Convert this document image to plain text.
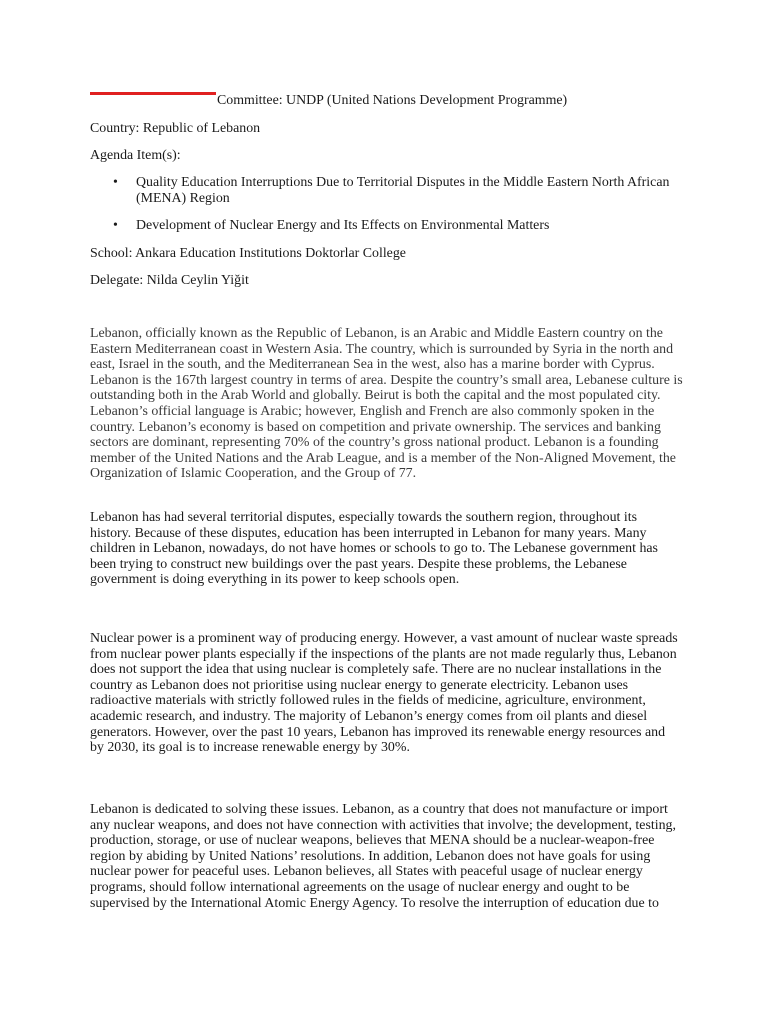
Committee: UNDP (United Nations Development Programme)
Country: Republic of Lebanon
Agenda Item(s):
• Quality Education Interruptions Due to Territorial Disputes in the Middle Eastern North African (MENA) Region
• Development of Nuclear Energy and Its Effects on Environmental Matters
School: Ankara Education Institutions Doktorlar College
Delegate: Nilda Ceylin Yiğit
Lebanon, officially known as the Republic of Lebanon, is an Arabic and Middle Eastern country on the
Eastern Mediterranean coast in Western Asia. The country, which is surrounded by Syria in the north and
east, Israel in the south, and the Mediterranean Sea in the west, also has a marine border with Cyprus.
Lebanon is the 167th largest country in terms of area. Despite the country’s small area, Lebanese culture is
outstanding both in the Arab World and globally. Beirut is both the capital and the most populated city.
Lebanon’s official language is Arabic; however, English and French are also commonly spoken in the
country. Lebanon’s economy is based on competition and private ownership. The services and banking
sectors are dominant, representing 70% of the country’s gross national product. Lebanon is a founding
member of the United Nations and the Arab League, and is a member of the Non-Aligned Movement, the
Organization of Islamic Cooperation, and the Group of 77.
Lebanon has had several territorial disputes, especially towards the southern region, throughout its
history. Because of these disputes, education has been interrupted in Lebanon for many years. Many
children in Lebanon, nowadays, do not have homes or schools to go to. The Lebanese government has
been trying to construct new buildings over the past years. Despite these problems, the Lebanese
government is doing everything in its power to keep schools open.
Nuclear power is a prominent way of producing energy. However, a vast amount of nuclear waste spreads
from nuclear power plants especially if the inspections of the plants are not made regularly thus, Lebanon
does not support the idea that using nuclear is completely safe. There are no nuclear installations in the
country as Lebanon does not prioritise using nuclear energy to generate electricity. Lebanon uses
radioactive materials with strictly followed rules in the fields of medicine, agriculture, environment,
academic research, and industry. The majority of Lebanon’s energy comes from oil plants and diesel
generators. However, over the past 10 years, Lebanon has improved its renewable energy resources and
by 2030, its goal is to increase renewable energy by 30%.
Lebanon is dedicated to solving these issues. Lebanon, as a country that does not manufacture or import
any nuclear weapons, and does not have connection with activities that involve; the development, testing,
production, storage, or use of nuclear weapons, believes that MENA should be a nuclear-weapon-free
region by abiding by United Nations’ resolutions. In addition, Lebanon does not have goals for using
nuclear power for peaceful uses. Lebanon believes, all States with peaceful usage of nuclear energy
programs, should follow international agreements on the usage of nuclear energy and ought to be
supervised by the International Atomic Energy Agency. To resolve the interruption of education due to
